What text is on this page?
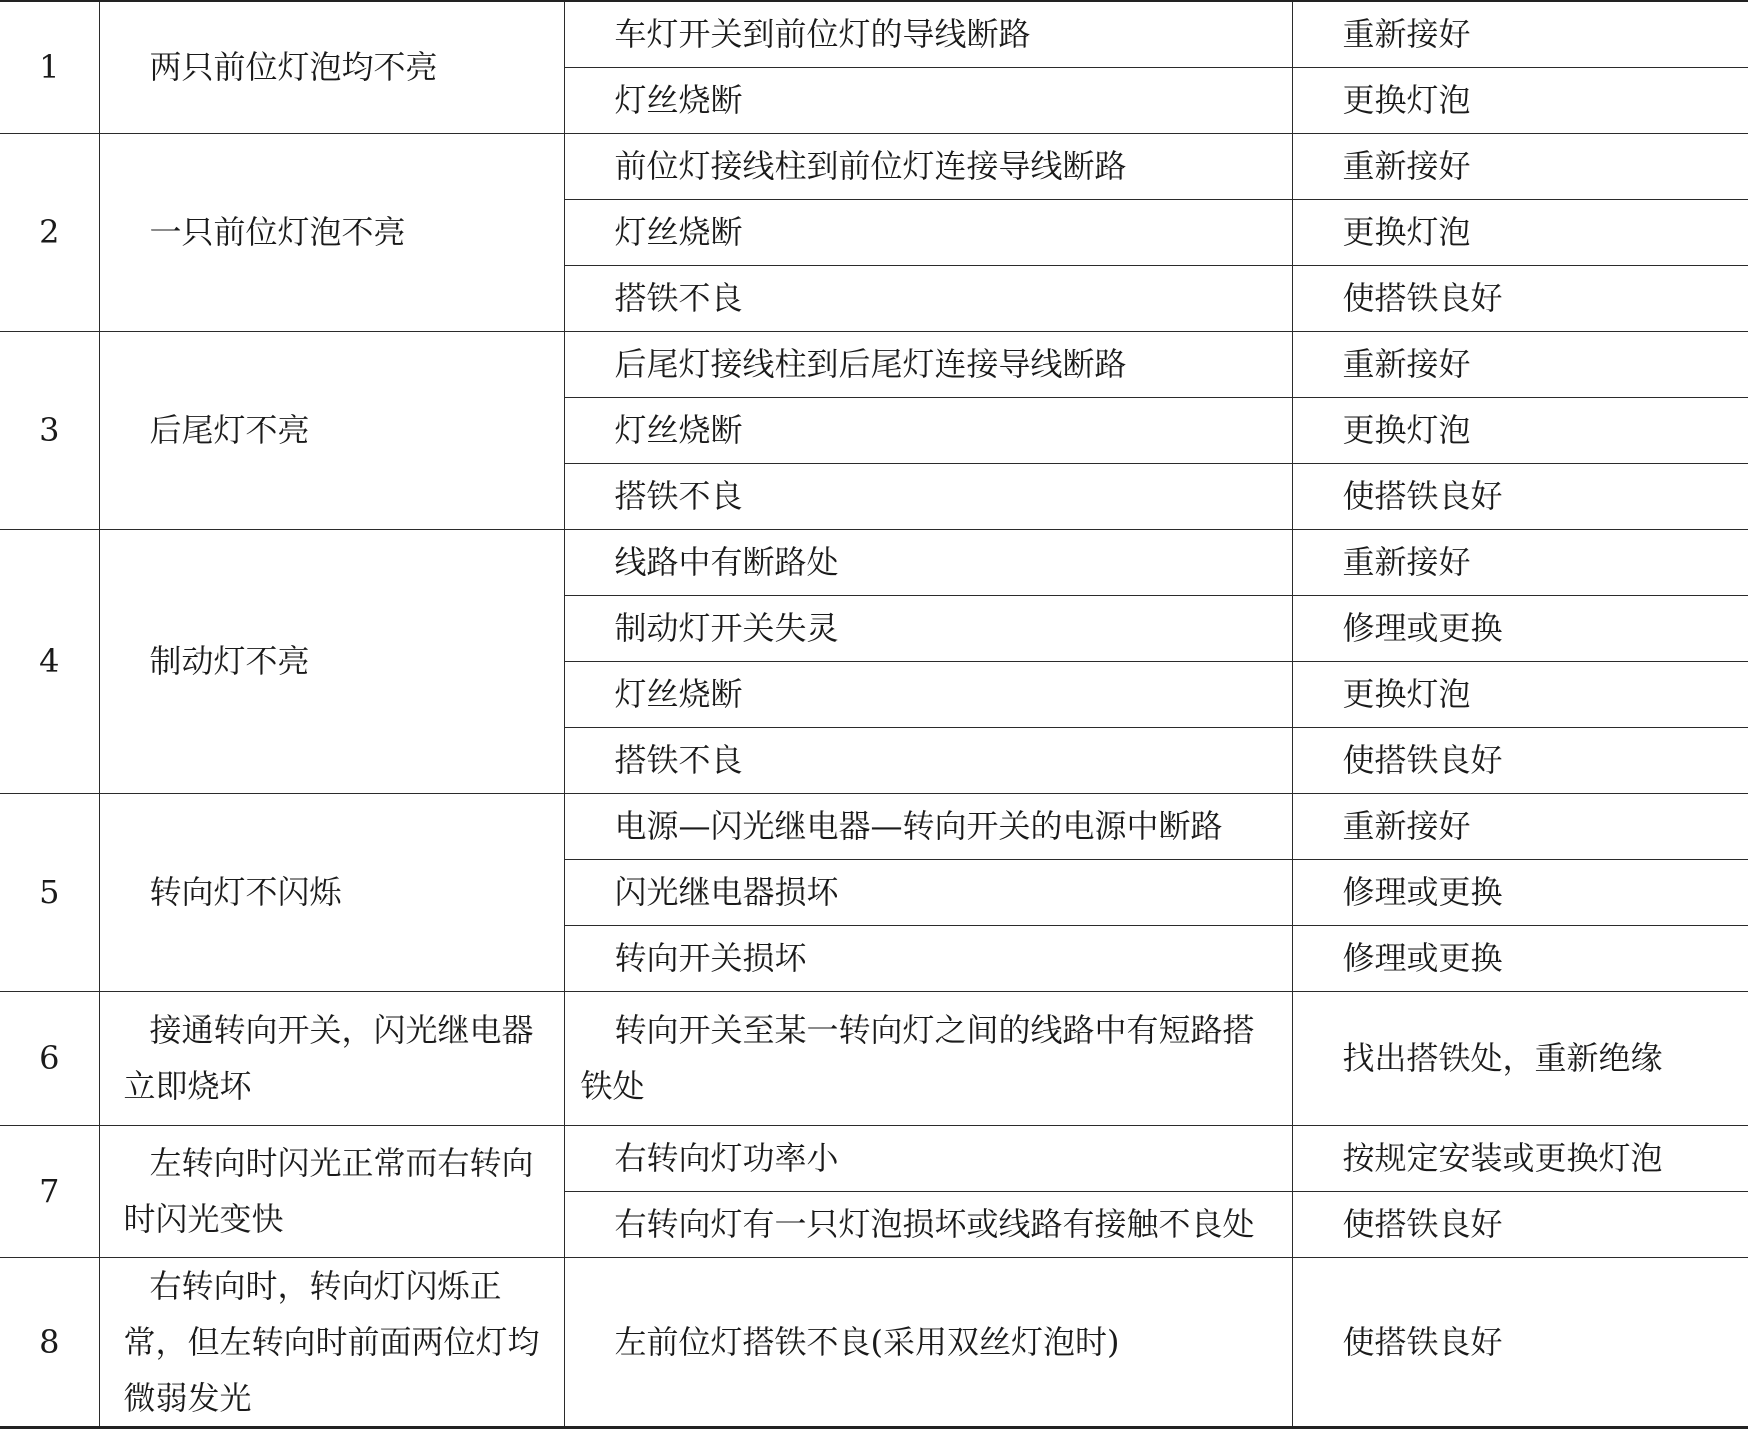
1	两只前位灯泡均不亮	车灯开关到前位灯的导线断路	重新接好
		灯丝烧断	更换灯泡
2	一只前位灯泡不亮	前位灯接线柱到前位灯连接导线断路	重新接好
		灯丝烧断	更换灯泡
		搭铁不良	使搭铁良好
3	后尾灯不亮	后尾灯接线柱到后尾灯连接导线断路	重新接好
		灯丝烧断	更换灯泡
		搭铁不良	使搭铁良好
4	制动灯不亮	线路中有断路处	重新接好
		制动灯开关失灵	修理或更换
		灯丝烧断	更换灯泡
		搭铁不良	使搭铁良好
5	转向灯不闪烁	电源—闪光继电器—转向开关的电源中断路	重新接好
		闪光继电器损坏	修理或更换
		转向开关损坏	修理或更换
6	接通转向开关，闪光继电器立即烧坏	转向开关至某一转向灯之间的线路中有短路搭铁处	找出搭铁处，重新绝缘
7	左转向时闪光正常而右转向时闪光变快	右转向灯功率小	按规定安装或更换灯泡
		右转向灯有一只灯泡损坏或线路有接触不良处	使搭铁良好
8	右转向时，转向灯闪烁正常，但左转向时前面两位灯均微弱发光	左前位灯搭铁不良(采用双丝灯泡时)	使搭铁良好
